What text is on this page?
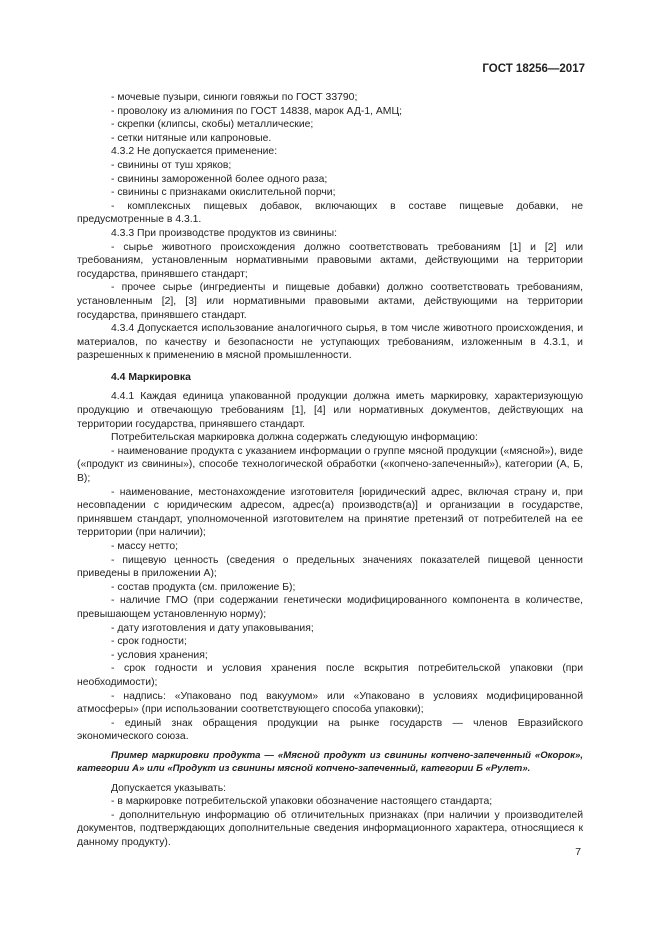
ГОСТ 18256—2017

- мочевые пузыри, синюги говяжьи по ГОСТ 33790;

- проволоку из алюминия по ГОСТ 14838, марок АД-1, АМЦ;

- скрепки (клипсы, скобы) металлические;

- сетки нитяные или капроновые.

4.3.2 Не допускается применение:

- свинины от туш хряков;

- свинины замороженной более одного раза;

- свинины с признаками окислительной порчи;

- комплексных пищевых добавок, включающих в составе пищевые добавки, не предусмотренные в 4.3.1.

4.3.3 При производстве продуктов из свинины:

- сырье животного происхождения должно соответствовать требованиям [1] и [2] или требованиям, установленным нормативными правовыми актами, действующими на территории государства, принявшего стандарт;

- прочее сырье (ингредиенты и пищевые добавки) должно соответствовать требованиям, установленным [2], [3] или нормативными правовыми актами, действующими на территории государства, принявшего стандарт.

4.3.4 Допускается использование аналогичного сырья, в том числе животного происхождения, и материалов, по качеству и безопасности не уступающих требованиям, изложенным в 4.3.1, и разрешенных к применению в мясной промышленности.

4.4 Маркировка

4.4.1 Каждая единица упакованной продукции должна иметь маркировку, характеризующую продукцию и отвечающую требованиям [1], [4] или нормативных документов, действующих на территории государства, принявшего стандарт.

Потребительская маркировка должна содержать следующую информацию:

- наименование продукта с указанием информации о группе мясной продукции («мясной»), виде («продукт из свинины»), способе технологической обработки («копчено-запеченный»), категории (А, Б, В);

- наименование, местонахождение изготовителя [юридический адрес, включая страну и, при несовпадении с юридическим адресом, адрес(а) производств(а)] и организации в государстве, принявшем стандарт, уполномоченной изготовителем на принятие претензий от потребителей на ее территории (при наличии);

- массу нетто;

- пищевую ценность (сведения о предельных значениях показателей пищевой ценности приведены в приложении А);

- состав продукта (см. приложение Б);

- наличие ГМО (при содержании генетически модифицированного компонента в количестве, превышающем установленную норму);

- дату изготовления и дату упаковывания;

- срок годности;

- условия хранения;

- срок годности и условия хранения после вскрытия потребительской упаковки (при необходимости);

- надпись: «Упаковано под вакуумом» или «Упаковано в условиях модифицированной атмосферы» (при использовании соответствующего способа упаковки);

- единый знак обращения продукции на рынке государств — членов Евразийского экономического союза.

Пример маркировки продукта — «Мясной продукт из свинины копчено-запеченный «Окорок», категории А» или «Продукт из свинины мясной копчено-запеченный, категории Б «Рулет».

Допускается указывать:

- в маркировке потребительской упаковки обозначение настоящего стандарта;

- дополнительную информацию об отличительных признаках (при наличии у производителей документов, подтверждающих дополнительные сведения информационного характера, относящиеся к данному продукту).

7
